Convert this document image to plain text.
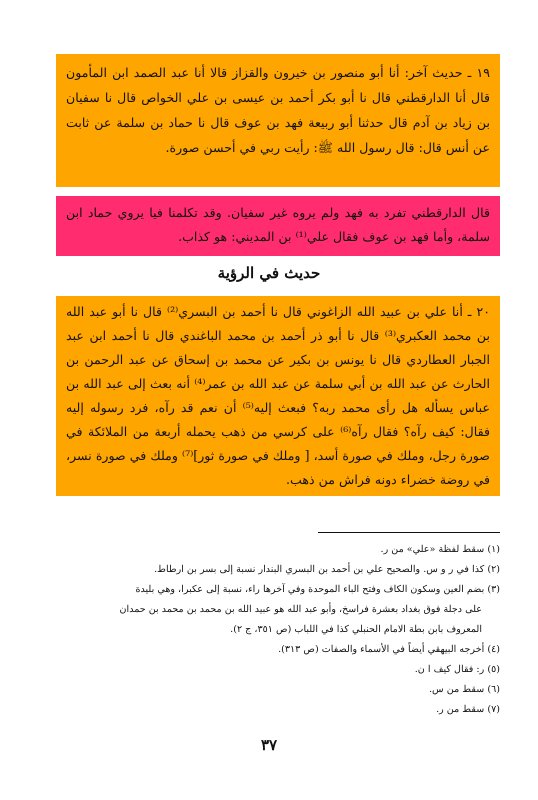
١٩ ـ حديث آخر: أنا أبو منصور بن خيرون والقزاز قالا أنا عبد الصمد ابن المأمون قال أنا الدارقطني قال نا أبو بكر أحمد بن عيسى بن علي الخواص قال نا سفيان بن زياد بن آدم قال حدثنا أبو ربيعة فهد بن عوف قال نا حماد بن سلمة عن ثابت عن أنس قال: قال رسول الله ﷺ: رأيت ربي في أحسن صورة.
قال الدارقطني تفرد به فهد ولم يروه غير سفيان. وقد تكلمنا فيا يروي حماد ابن سلمة، وأما فهد بن عوف فقال علي⁽¹⁾ بن المديني: هو كذاب.
حديث في الرؤية
٢٠ ـ أنا علي بن عبيد الله الزاغوني قال نا أحمد بن البسري⁽²⁾ قال نا أبو عبد الله بن محمد العكبري⁽³⁾ قال نا أبو ذر أحمد بن محمد الباغندي قال نا أحمد ابن عبد الجبار العطاردي قال نا يونس بن بكير عن محمد بن إسحاق عن عبد الرحمن بن الحارث عن عبد الله بن أبي سلمة عن عبد الله بن عمر⁽⁴⁾ أنه بعث إلى عبد الله بن عباس يسأله هل رأى محمد ربه؟ فبعث إليه⁽⁵⁾ أن نعم قد رآه، فرد رسوله إليه فقال: كيف رآه؟ فقال رآه⁽⁶⁾ على كرسي من ذهب يحمله أربعة من الملائكة في صورة رجل، وملك في صورة أسد، [ وملك في صورة ثور]⁽⁷⁾ وملك في صورة نسر، في روضة خضراء دونه فراش من ذهب.
(١) سقط لفظة «علي» من ر.
(٢) كذا في ر و س. والصحيح علي بن أحمد بن البسري البندار نسبة إلى بسر بن ارطاط.
(٣) بضم العين وسكون الكاف وفتح الباء الموحدة وفي آخرها راء، نسبة إلى عكبرا، وهي بليدة
على دجلة فوق بغداد بعشرة فراسخ، وأبو عبد الله هو عبيد الله بن محمد بن محمد بن حمدان
المعروف بابن بطة الامام الحنبلي كذا في اللباب (ص ٣٥١، ج ٢).
(٤) أخرجه البيهقي أيضاً في الأسماء والصفات (ص ٣١٣).
(٥) ر: فقال كيف ا ن.
(٦) سقط من س.
(٧) سقط من ر.
٣٧
